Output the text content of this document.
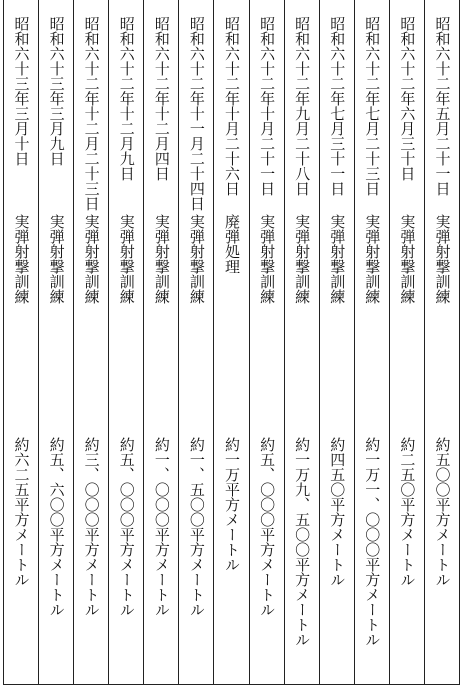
昭和六十二年五月二十一日
実弾射撃訓練
約五〇〇平方メートル
昭和六十二年六月三十日
実弾射撃訓練
約二五〇平方メートル
昭和六十二年七月二十三日
実弾射撃訓練
約一万一、〇〇〇平方メートル
昭和六十二年七月三十一日
実弾射撃訓練
約四五〇平方メートル
昭和六十二年九月二十八日
実弾射撃訓練
約一万九、五〇〇平方メートル
昭和六十二年十月二十一日
実弾射撃訓練
約五、〇〇〇平方メートル
昭和六十二年十月二十六日
廃弾処理
約一万平方メートル
昭和六十二年十一月二十四日
実弾射撃訓練
約一、五〇〇平方メートル
昭和六十二年十二月四日
実弾射撃訓練
約一、〇〇〇平方メートル
昭和六十二年十二月九日
実弾射撃訓練
約五、〇〇〇平方メートル
昭和六十二年十二月二十三日
実弾射撃訓練
約三、〇〇〇平方メートル
昭和六十三年三月九日
実弾射撃訓練
約五、六〇〇平方メートル
昭和六十三年三月十日
実弾射撃訓練
約六二五平方メートル
